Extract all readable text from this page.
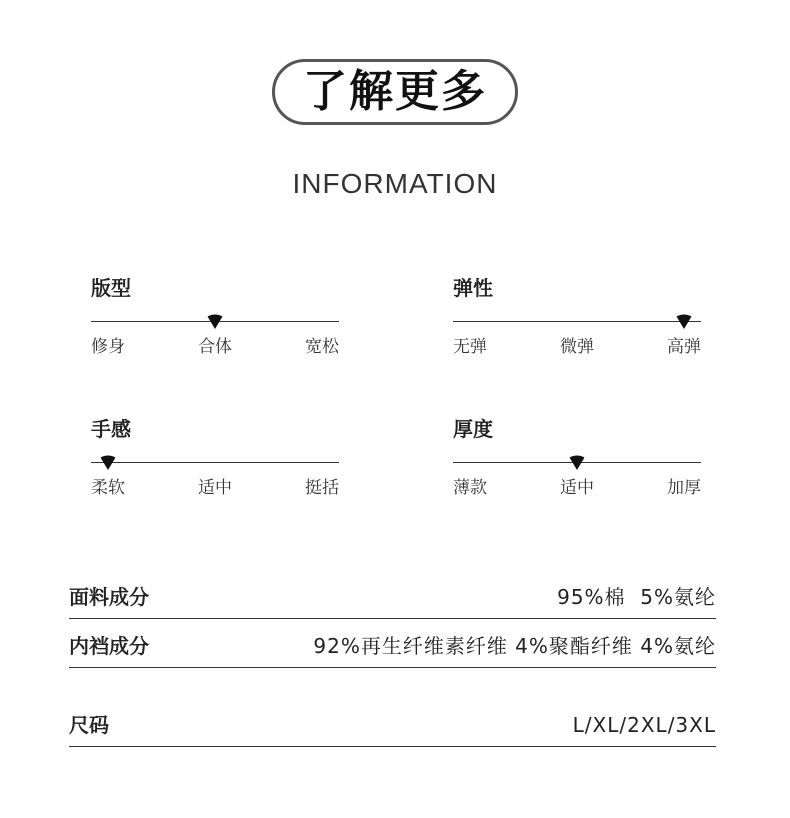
了解更多
INFORMATION
版型
修身	合体	宽松
弹性
无弹	微弹	高弹
手感
柔软	适中	挺括
厚度
薄款	适中	加厚
面料成分	95%棉  5%氨纶
内裆成分	92%再生纤维素纤维 4%聚酯纤维 4%氨纶
尺码	L/XL/2XL/3XL
